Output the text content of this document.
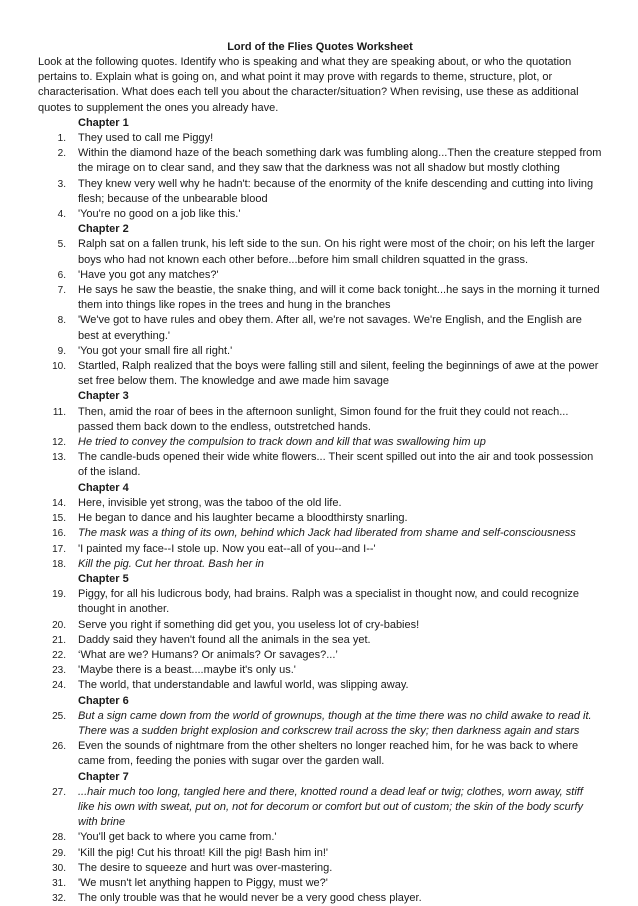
Lord of the Flies Quotes Worksheet

Look at the following quotes. Identify who is speaking and what they are speaking about, or who the quotation pertains to. Explain what is going on, and what point it may prove with regards to theme, structure, plot, or characterisation. What does each tell you about the character/situation? When revising, use these as additional quotes to supplement the ones you already have.

Chapter 1
1. They used to call me Piggy!
2. Within the diamond haze of the beach something dark was fumbling along...Then the creature stepped from the mirage on to clear sand, and they saw that the darkness was not all shadow but mostly clothing
3. They knew very well why he hadn't: because of the enormity of the knife descending and cutting into living flesh; because of the unbearable blood
4. 'You're no good on a job like this.'
Chapter 2
5. Ralph sat on a fallen trunk, his left side to the sun. On his right were most of the choir; on his left the larger boys who had not known each other before...before him small children squatted in the grass.
6. 'Have you got any matches?'
7. He says he saw the beastie, the snake thing, and will it come back tonight...he says in the morning it turned them into things like ropes in the trees and hung in the branches
8. 'We've got to have rules and obey them. After all, we're not savages. We're English, and the English are best at everything.'
9. 'You got your small fire all right.'
10. Startled, Ralph realized that the boys were falling still and silent, feeling the beginnings of awe at the power set free below them. The knowledge and awe made him savage
Chapter 3
11. Then, amid the roar of bees in the afternoon sunlight, Simon found for the fruit they could not reach... passed them back down to the endless, outstretched hands.
12. He tried to convey the compulsion to track down and kill that was swallowing him up
13. The candle-buds opened their wide white flowers... Their scent spilled out into the air and took possession of the island.
Chapter 4
14. Here, invisible yet strong, was the taboo of the old life.
15. He began to dance and his laughter became a bloodthirsty snarling.
16. The mask was a thing of its own, behind which Jack had liberated from shame and self-consciousness
17. 'I painted my face--I stole up. Now you eat--all of you--and I--'
18. Kill the pig. Cut her throat. Bash her in
Chapter 5
19. Piggy, for all his ludicrous body, had brains. Ralph was a specialist in thought now, and could recognize thought in another.
20. Serve you right if something did get you, you useless lot of cry-babies!
21. Daddy said they haven't found all the animals in the sea yet.
22. ‘What are we? Humans? Or animals? Or savages?...’
23. 'Maybe there is a beast....maybe it's only us.'
24. The world, that understandable and lawful world, was slipping away.
Chapter 6
25. But a sign came down from the world of grownups, though at the time there was no child awake to read it. There was a sudden bright explosion and corkscrew trail across the sky; then darkness again and stars
26. Even the sounds of nightmare from the other shelters no longer reached him, for he was back to where came from, feeding the ponies with sugar over the garden wall.
Chapter 7
27. ...hair much too long, tangled here and there, knotted round a dead leaf or twig; clothes, worn away, stiff like his own with sweat, put on, not for decorum or comfort but out of custom; the skin of the body scurfy with brine
28. 'You'll get back to where you came from.'
29. 'Kill the pig! Cut his throat! Kill the pig! Bash him in!'
30. The desire to squeeze and hurt was over-mastering.
31. 'We musn't let anything happen to Piggy, must we?'
32. The only trouble was that he would never be a very good chess player.
